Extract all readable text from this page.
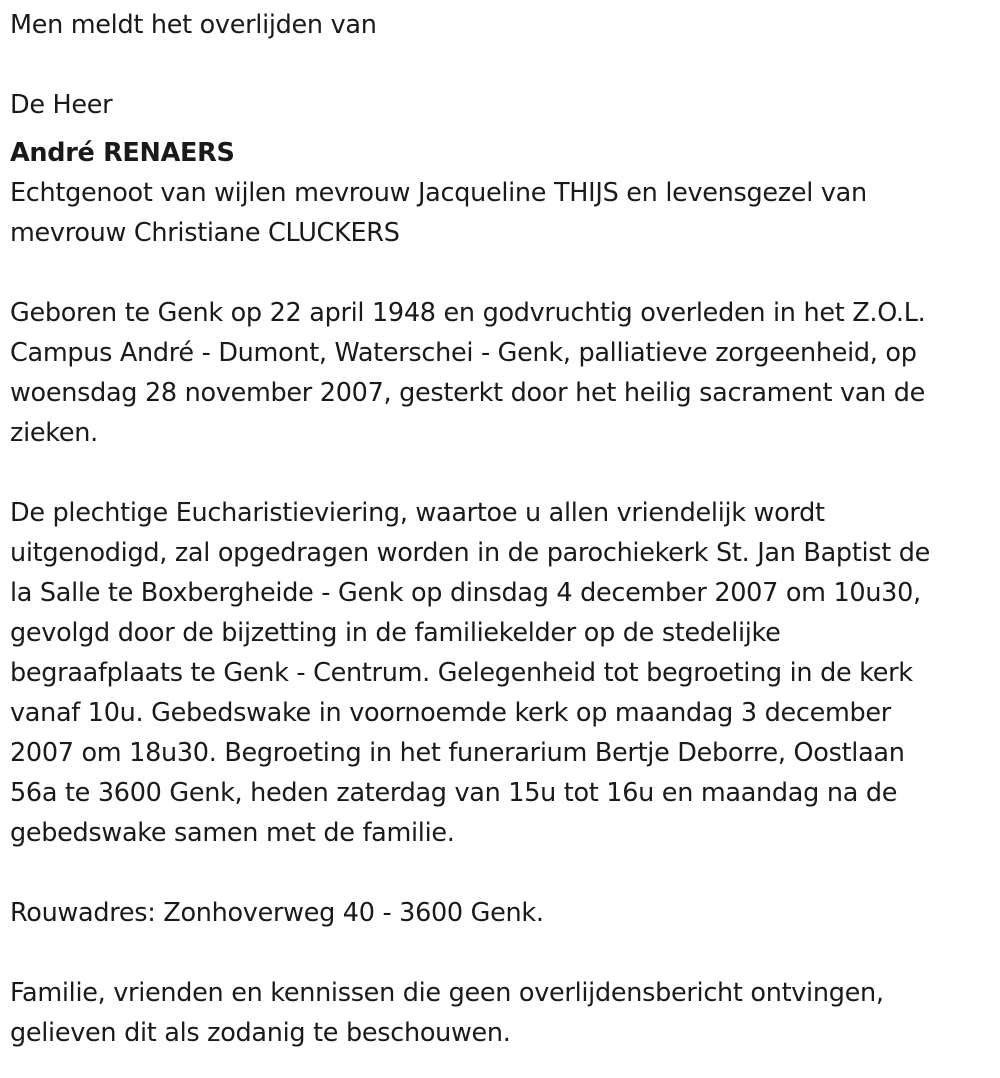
Men meldt het overlijden van
De Heer
André RENAERS
Echtgenoot van wijlen mevrouw Jacqueline THIJS en levensgezel van
mevrouw Christiane CLUCKERS
Geboren te Genk op 22 april 1948 en godvruchtig overleden in het Z.O.L.
Campus André - Dumont, Waterschei - Genk, palliatieve zorgeenheid, op
woensdag 28 november 2007, gesterkt door het heilig sacrament van de
zieken.
De plechtige Eucharistieviering, waartoe u allen vriendelijk wordt
uitgenodigd, zal opgedragen worden in de parochiekerk St. Jan Baptist de
la Salle te Boxbergheide - Genk op dinsdag 4 december 2007 om 10u30,
gevolgd door de bijzetting in de familiekelder op de stedelijke
begraafplaats te Genk - Centrum. Gelegenheid tot begroeting in de kerk
vanaf 10u. Gebedswake in voornoemde kerk op maandag 3 december
2007 om 18u30. Begroeting in het funerarium Bertje Deborre, Oostlaan
56a te 3600 Genk, heden zaterdag van 15u tot 16u en maandag na de
gebedswake samen met de familie.
Rouwadres: Zonhoverweg 40 - 3600 Genk.
Familie, vrienden en kennissen die geen overlijdensbericht ontvingen,
gelieven dit als zodanig te beschouwen.
